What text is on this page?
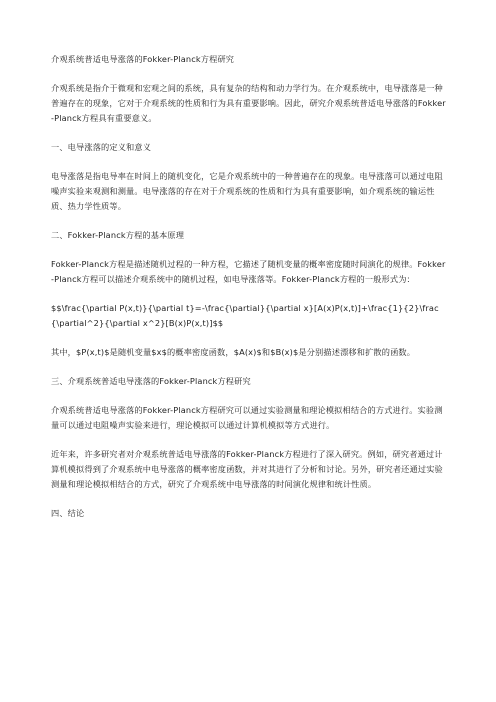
介观系统普适电导涨落的Fokker-Planck方程研究

介观系统是指介于微观和宏观之间的系统，具有复杂的结构和动力学行为。在介观系统中，电导涨落是一种普遍存在的现象，它对于介观系统的性质和行为具有重要影响。因此，研究介观系统普适电导涨落的Fokker-Planck方程具有重要意义。

一、电导涨落的定义和意义

电导涨落是指电导率在时间上的随机变化，它是介观系统中的一种普遍存在的现象。电导涨落可以通过电阻噪声实验来观测和测量。电导涨落的存在对于介观系统的性质和行为具有重要影响，如介观系统的输运性质、热力学性质等。

二、Fokker-Planck方程的基本原理

Fokker-Planck方程是描述随机过程的一种方程，它描述了随机变量的概率密度随时间演化的规律。Fokker-Planck方程可以描述介观系统中的随机过程，如电导涨落等。Fokker-Planck方程的一般形式为：

$$\frac{\partial P(x,t)}{\partial t}=-\frac{\partial}{\partial x}[A(x)P(x,t)]+\frac{1}{2}\frac{\partial^2}{\partial x^2}[B(x)P(x,t)]$$

其中，$P(x,t)$是随机变量$x$的概率密度函数，$A(x)$和$B(x)$是分别描述漂移和扩散的函数。

三、介观系统普适电导涨落的Fokker-Planck方程研究

介观系统普适电导涨落的Fokker-Planck方程研究可以通过实验测量和理论模拟相结合的方式进行。实验测量可以通过电阻噪声实验来进行，理论模拟可以通过计算机模拟等方式进行。

近年来，许多研究者对介观系统普适电导涨落的Fokker-Planck方程进行了深入研究。例如，研究者通过计算机模拟得到了介观系统中电导涨落的概率密度函数，并对其进行了分析和讨论。另外，研究者还通过实验测量和理论模拟相结合的方式，研究了介观系统中电导涨落的时间演化规律和统计性质。

四、结论
